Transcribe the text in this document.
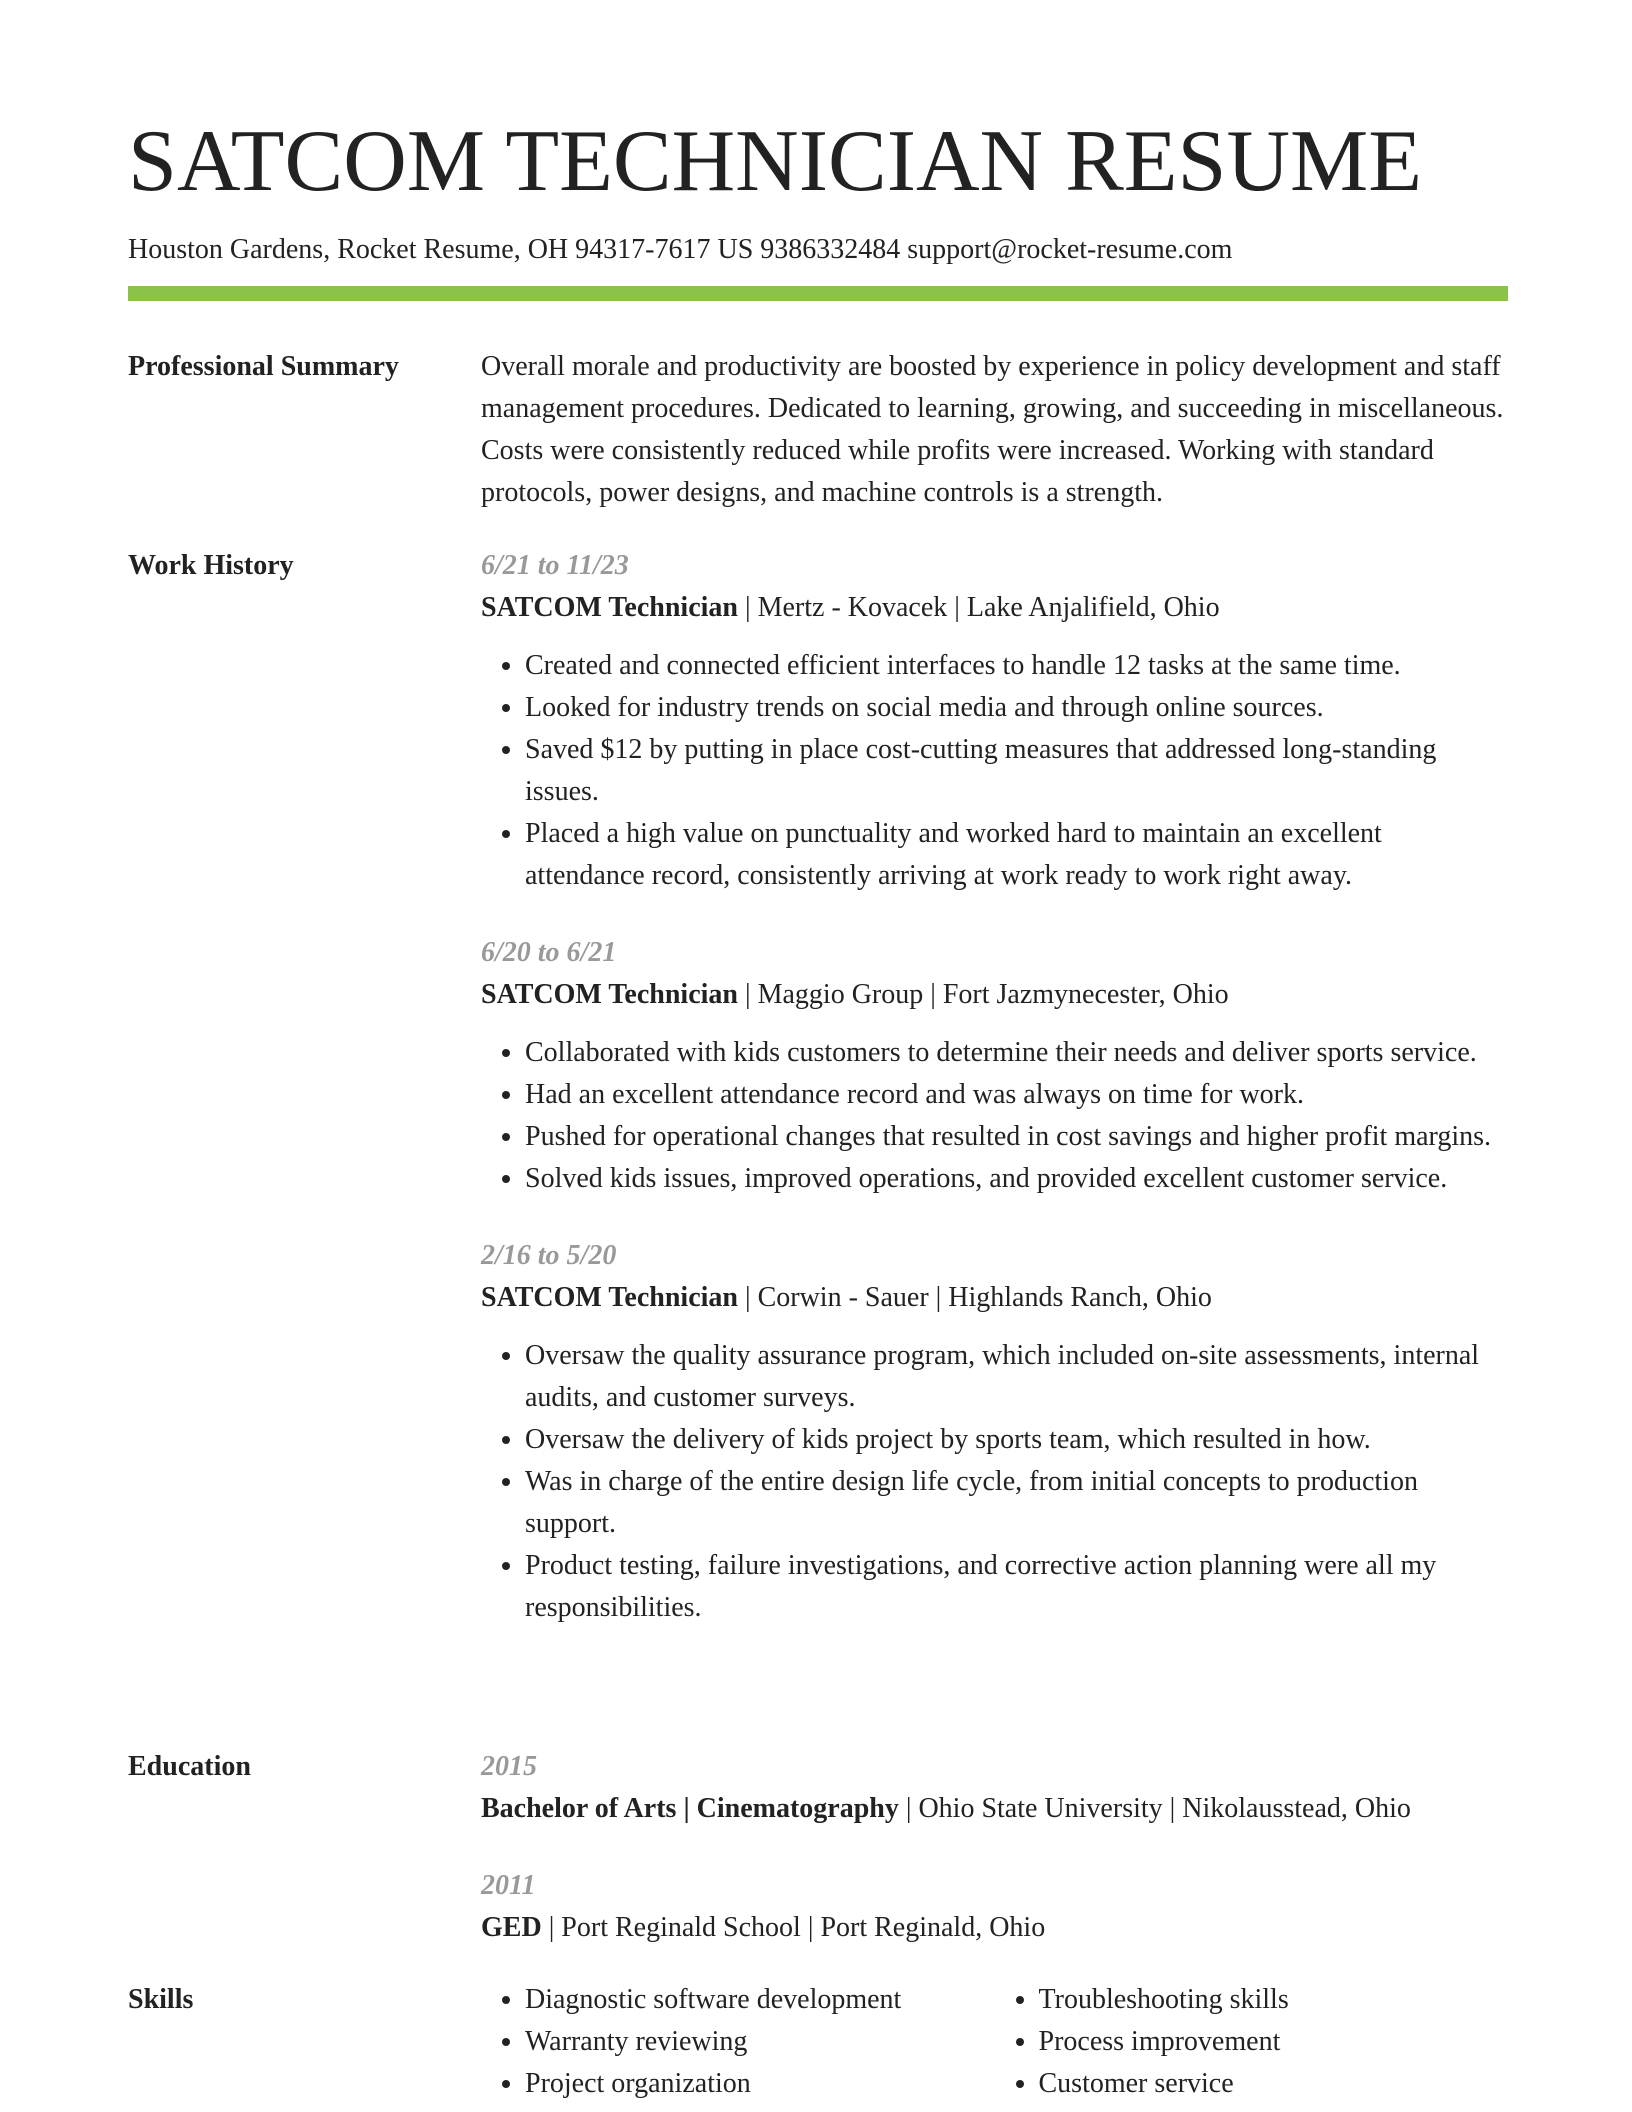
SATCOM TECHNICIAN RESUME
Houston Gardens, Rocket Resume, OH 94317-7617 US 9386332484 support@rocket-resume.com
Professional Summary	Overall morale and productivity are boosted by experience in policy development and staff management procedures. Dedicated to learning, growing, and succeeding in miscellaneous. Costs were consistently reduced while profits were increased. Working with standard protocols, power designs, and machine controls is a strength.

Work History	6/21 to 11/23
SATCOM Technician | Mertz - Kovacek | Lake Anjalifield, Ohio
• Created and connected efficient interfaces to handle 12 tasks at the same time.
• Looked for industry trends on social media and through online sources.
• Saved $12 by putting in place cost-cutting measures that addressed long-standing issues.
• Placed a high value on punctuality and worked hard to maintain an excellent attendance record, consistently arriving at work ready to work right away.
6/20 to 6/21
SATCOM Technician | Maggio Group | Fort Jazmynecester, Ohio
• Collaborated with kids customers to determine their needs and deliver sports service.
• Had an excellent attendance record and was always on time for work.
• Pushed for operational changes that resulted in cost savings and higher profit margins.
• Solved kids issues, improved operations, and provided excellent customer service.
2/16 to 5/20
SATCOM Technician | Corwin - Sauer | Highlands Ranch, Ohio
• Oversaw the quality assurance program, which included on-site assessments, internal audits, and customer surveys.
• Oversaw the delivery of kids project by sports team, which resulted in how.
• Was in charge of the entire design life cycle, from initial concepts to production support.
• Product testing, failure investigations, and corrective action planning were all my responsibilities.
Education	2015
Bachelor of Arts | Cinematography | Ohio State University | Nikolausstead, Ohio
2011
GED | Port Reginald School | Port Reginald, Ohio
Skills
•	Diagnostic software development
• Warranty reviewing
• Project organization
• Troubleshooting skills
• Process improvement
• Customer service
